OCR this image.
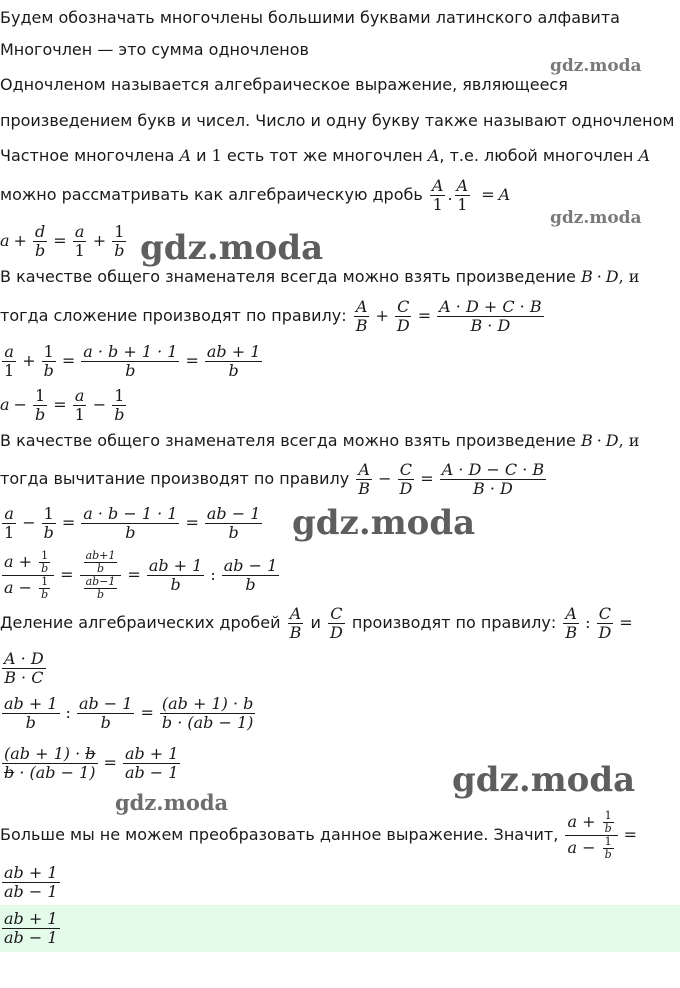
Будем обозначать многочлены большими буквами латинского алфавита
Многочлен — это сумма одночленов
Одночленом называется алгебраическое выражение, являющееся
произведением букв и чисел. Число и одну букву также называют одночленом
Частное многочлена A и 1 есть тот же многочлен A, т.е. любой многочлен A
можно рассматривать как алгебраическую дробь $\frac{A}{1}$ . $\frac{A}{1} = A$
$a + \frac{d}{b} = \frac{a}{1} + \frac{1}{b}$
В качестве общего знаменателя всегда можно взять произведение B · D, и
тогда сложение производят по правилу: $\frac{A}{B} + \frac{C}{D} = \frac{A \cdot D + C \cdot B}{B \cdot D}$
$\frac{a}{1} + \frac{1}{b} = \frac{a \cdot b + 1 \cdot 1}{b} = \frac{ab + 1}{b}$
$a - \frac{1}{b} = \frac{a}{1} - \frac{1}{b}$
В качестве общего знаменателя всегда можно взять произведение B · D, и
тогда вычитание производят по правилу $\frac{A}{B} - \frac{C}{D} = \frac{A \cdot D - C \cdot B}{B \cdot D}$
$\frac{a}{1} - \frac{1}{b} = \frac{a \cdot b - 1 \cdot 1}{b} = \frac{ab - 1}{b}$
$\frac{a + \frac{1}{b}}{a - \frac{1}{b}} = \frac{\frac{ab+1}{b}}{\frac{ab-1}{b}} = \frac{ab + 1}{b}$ : $\frac{ab - 1}{b}$
Деление алгебраических дробей $\frac{A}{B}$ и $\frac{C}{D}$ производят по правилу: $\frac{A}{B}$ : $\frac{C}{D}$ =
$\frac{A \cdot D}{B \cdot C}$
$\frac{ab + 1}{b}$ : $\frac{ab - 1}{b} = \frac{(ab + 1) \cdot b}{b \cdot (ab - 1)}$
$\frac{(ab + 1) \cdot b}{b \cdot (ab - 1)} = \frac{ab + 1}{ab - 1}$
Больше мы не можем преобразовать данное выражение. Значит, $\frac{a + \frac{1}{b}}{a - \frac{1}{b}}$ =
$\frac{ab + 1}{ab - 1}$
$\frac{ab + 1}{ab - 1}$
gdz.moda
gdz.moda
gdz.moda
gdz.moda
gdz.moda
gdz.moda
